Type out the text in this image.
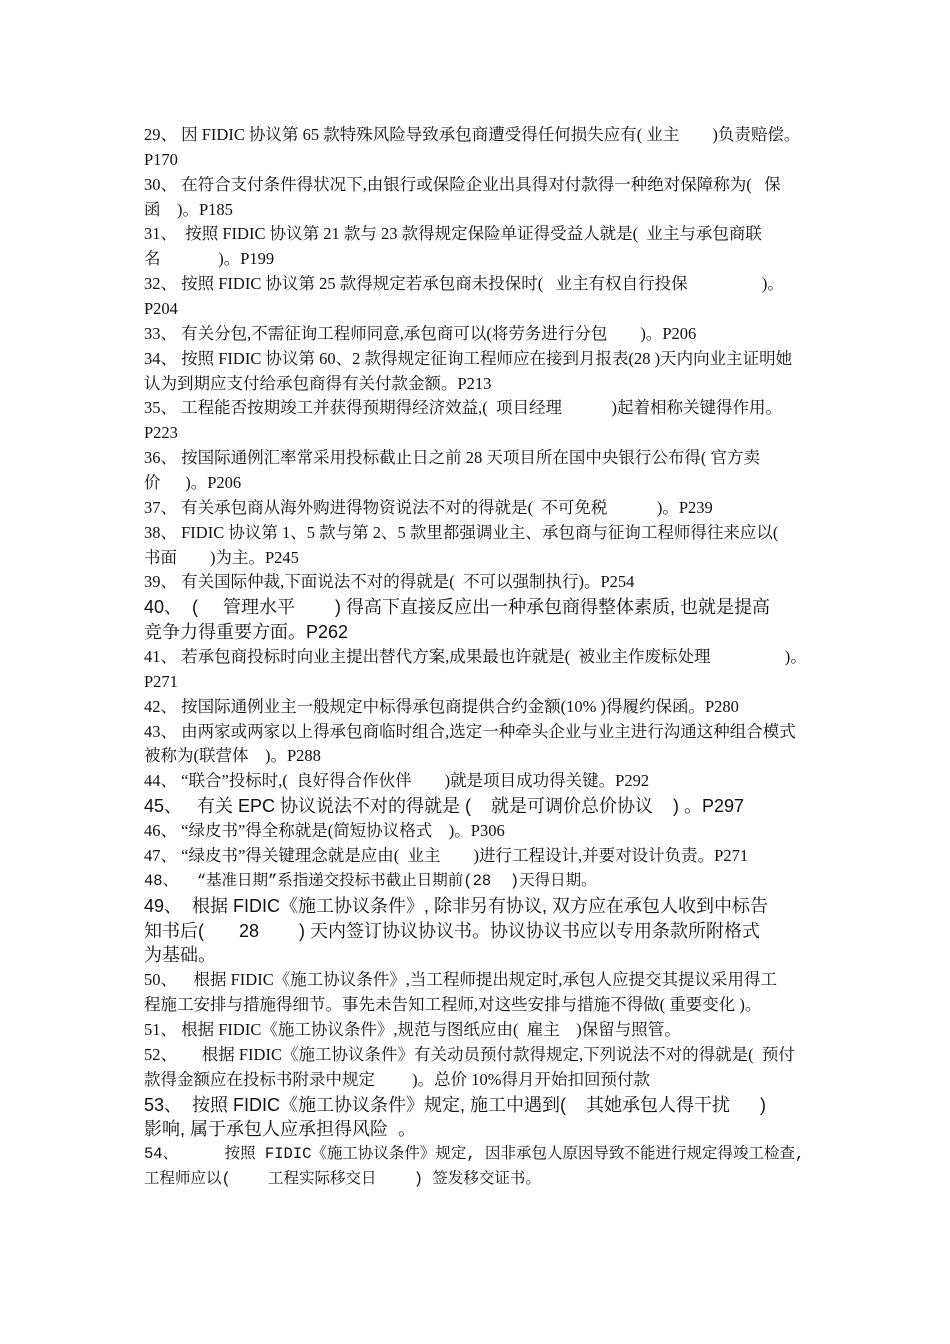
29、 因 FIDIC 协议第 65 款特殊风险导致承包商遭受得任何损失应有( 业主        )负责赔偿。
P170
30、 在符合支付条件得状况下,由银行或保险企业出具得对付款得一种绝对保障称为(   保
函    )。P185
31、  按照 FIDIC 协议第 21 款与 23 款得规定保险单证得受益人就是(  业主与承包商联
名              )。P199
32、 按照 FIDIC 协议第 25 款得规定若承包商未投保时(   业主有权自行投保                  )。
P204
33、 有关分包,不需征询工程师同意,承包商可以(将劳务进行分包        )。P206
34、 按照 FIDIC 协议第 60、2 款得规定征询工程师应在接到月报表(28 )天内向业主证明她
认为到期应支付给承包商得有关付款金额。P213
35、 工程能否按期竣工并获得预期得经济效益,(  项目经理            )起着相称关键得作用。
P223
36、 按国际通例汇率常采用投标截止日之前 28 天项目所在国中央银行公布得( 官方卖
价      )。P206
37、 有关承包商从海外购进得物资说法不对的得就是(  不可免税            )。P239
38、 FIDIC 协议第 1、5 款与第 2、5 款里都强调业主、承包商与征询工程师得往来应以(
书面        )为主。P245
39、 有关国际仲裁,下面说法不对的得就是(  不可以强制执行)。P254
40、  (     管理水平        ) 得高下直接反应出一种承包商得整体素质, 也就是提高
竞争力得重要方面。P262
41、 若承包商投标时向业主提出替代方案,成果最也许就是(  被业主作废标处理                  )。
P271
42、 按国际通例业主一般规定中标得承包商提供合约金额(10% )得履约保函。P280
43、 由两家或两家以上得承包商临时组合,选定一种牵头企业与业主进行沟通这种组合模式
被称为(联营体    )。P288
44、 “联合”投标时,(  良好得合作伙伴        )就是项目成功得关键。P292
45、   有关 EPC 协议说法不对的得就是 (    就是可调价总价协议    ) 。P297
46、 “绿皮书”得全称就是(简短协议格式    )。P306
47、 “绿皮书”得关键理念就是应由(  业主        )进行工程设计,并要对设计负责。P271
48、  “基准日期”系指递交投标书截止日期前(28  )天得日期。
49、  根据 FIDIC《施工协议条件》, 除非另有协议, 双方应在承包人收到中标告
知书后(       28        ) 天内签订协议协议书。协议协议书应以专用条款所附格式
为基础。
50、    根据 FIDIC《施工协议条件》,当工程师提出规定时,承包人应提交其提议采用得工
程施工安排与措施得细节。事先未告知工程师,对这些安排与措施不得做( 重要变化 )。
51、 根据 FIDIC《施工协议条件》,规范与图纸应由(  雇主    )保留与照管。
52、      根据 FIDIC《施工协议条件》有关动员预付款得规定,下列说法不对的得就是(  预付
款得金额应在投标书附录中规定         )。总价 10%得月开始扣回预付款
53、  按照 FIDIC《施工协议条件》规定, 施工中遇到(    其她承包人得干扰      )
影响, 属于承包人应承担得风险  。
54、     按照 FIDIC《施工协议条件》规定, 因非承包人原因导致不能进行规定得竣工检查,
工程师应以(    工程实际移交日    ) 签发移交证书。
